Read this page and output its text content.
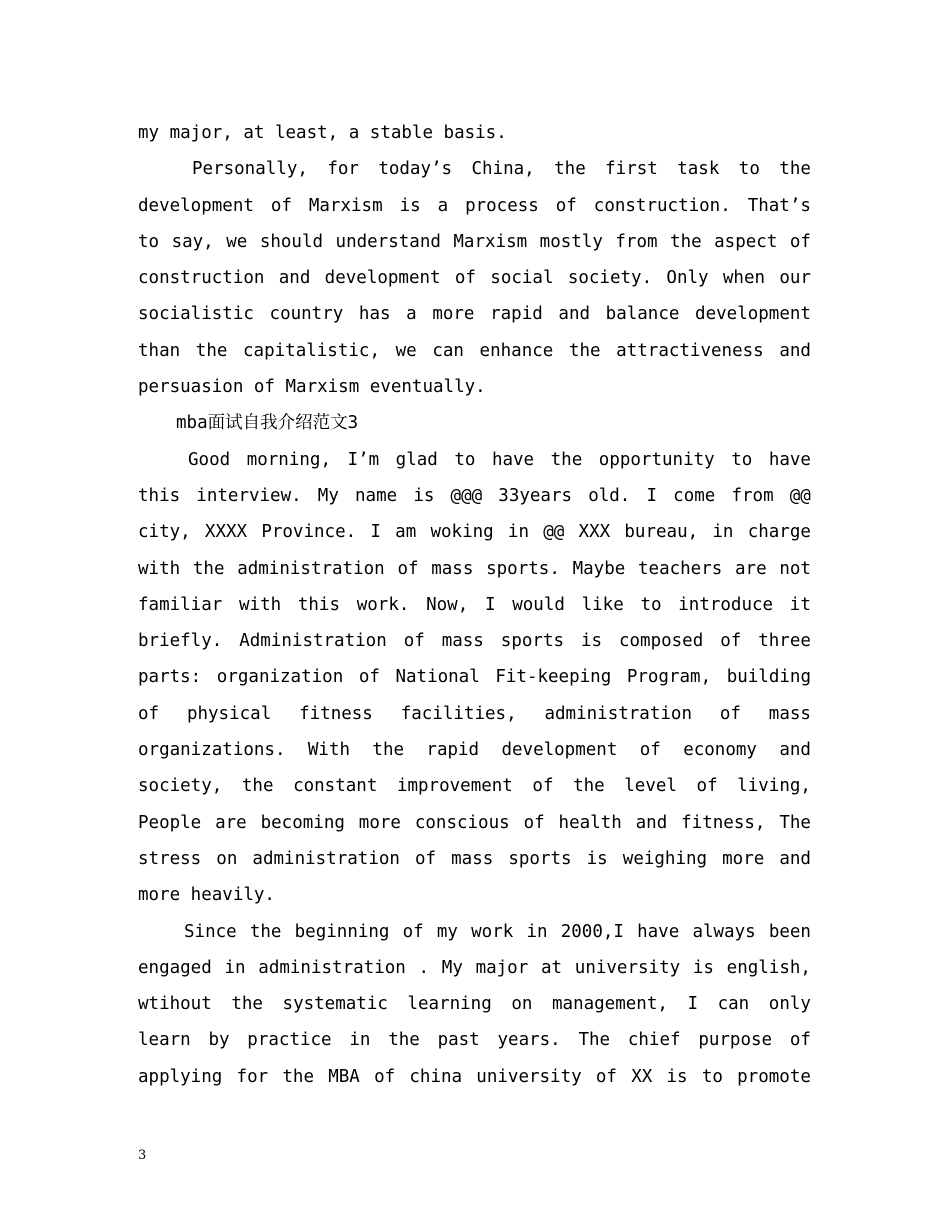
my major, at least, a stable basis.
Personally, for today’s China, the first task to the
development of Marxism is a process of construction. That’s
to say, we should understand Marxism mostly from the aspect of
construction and development of social society. Only when our
socialistic country has a more rapid and balance development
than the capitalistic, we can enhance the attractiveness and
persuasion of Marxism eventually.
mba面试自我介绍范文3
Good morning, I’m glad to have the opportunity to have
this interview. My name is @@@ 33years old. I come from @@
city, XXXX Province. I am woking in @@ XXX bureau, in charge
with the administration of mass sports. Maybe teachers are not
familiar with this work. Now, I would like to introduce it
briefly. Administration of mass sports is composed of three
parts: organization of National Fit-keeping Program, building
of physical fitness facilities, administration of mass
organizations. With the rapid development of economy and
society, the constant improvement of the level of living,
People are becoming more conscious of health and fitness, The
stress on administration of mass sports is weighing more and
more heavily.
Since the beginning of my work in 2000,I have always been
engaged in administration . My major at university is english,
wtihout the systematic learning on management, I can only
learn by practice in the past years. The chief purpose of
applying for the MBA of china university of XX is to promote
3
